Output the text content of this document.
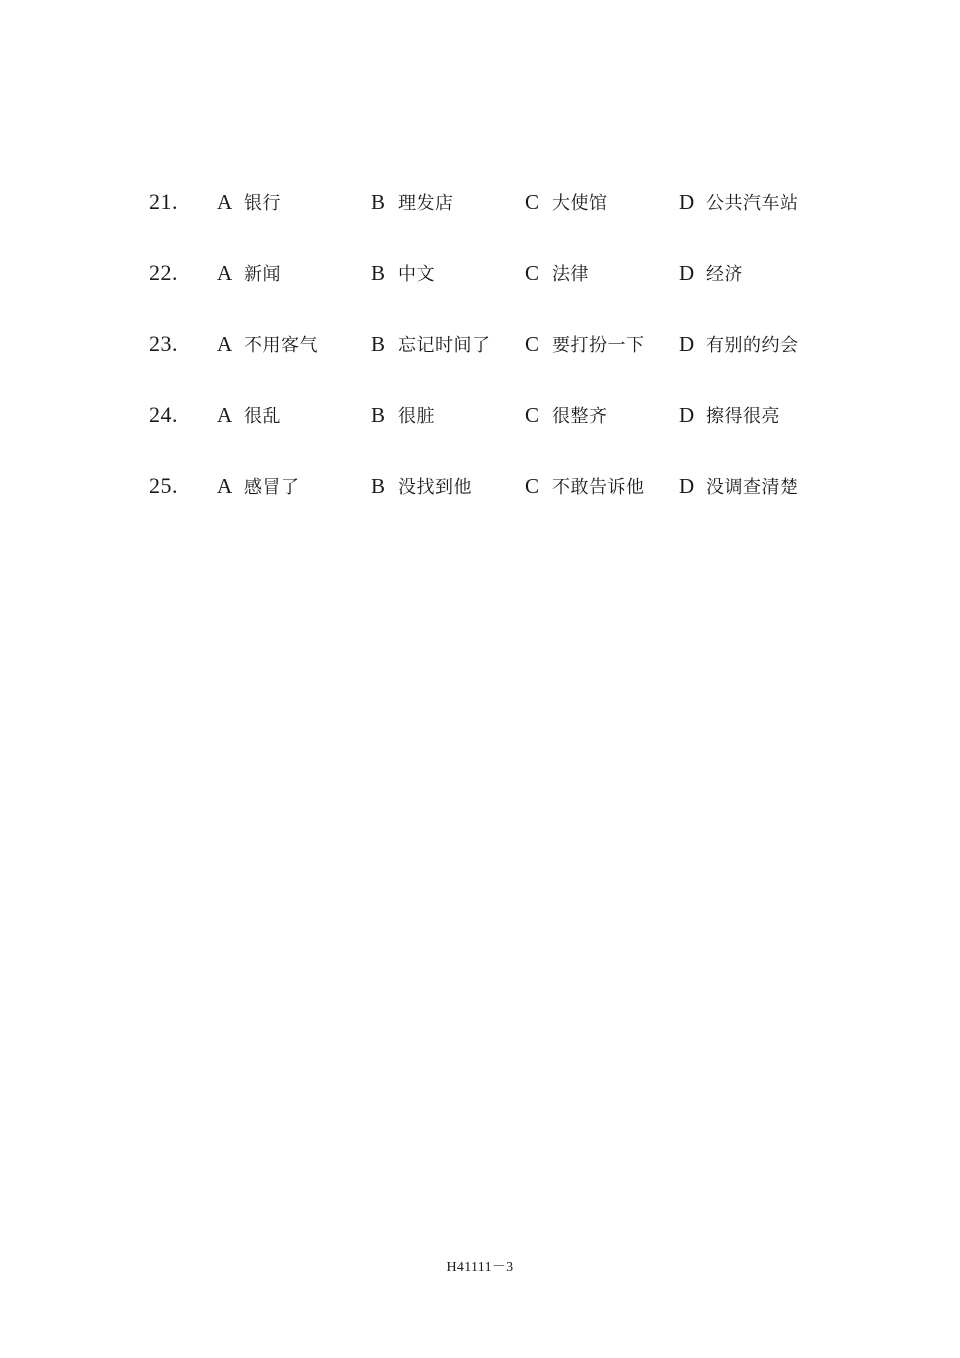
21. A 银行	B 理发店	C 大使馆	D 公共汽车站
22. A 新闻	B 中文	C 法律	D 经济
23. A 不用客气	B 忘记时间了 C 要打扮一下 D 有别的约会
24. A 很乱	B 很脏	C 很整齐	D 擦得很亮
25. A 感冒了	B 没找到他	C 不敢告诉他 D 没调查清楚
H41111－3
